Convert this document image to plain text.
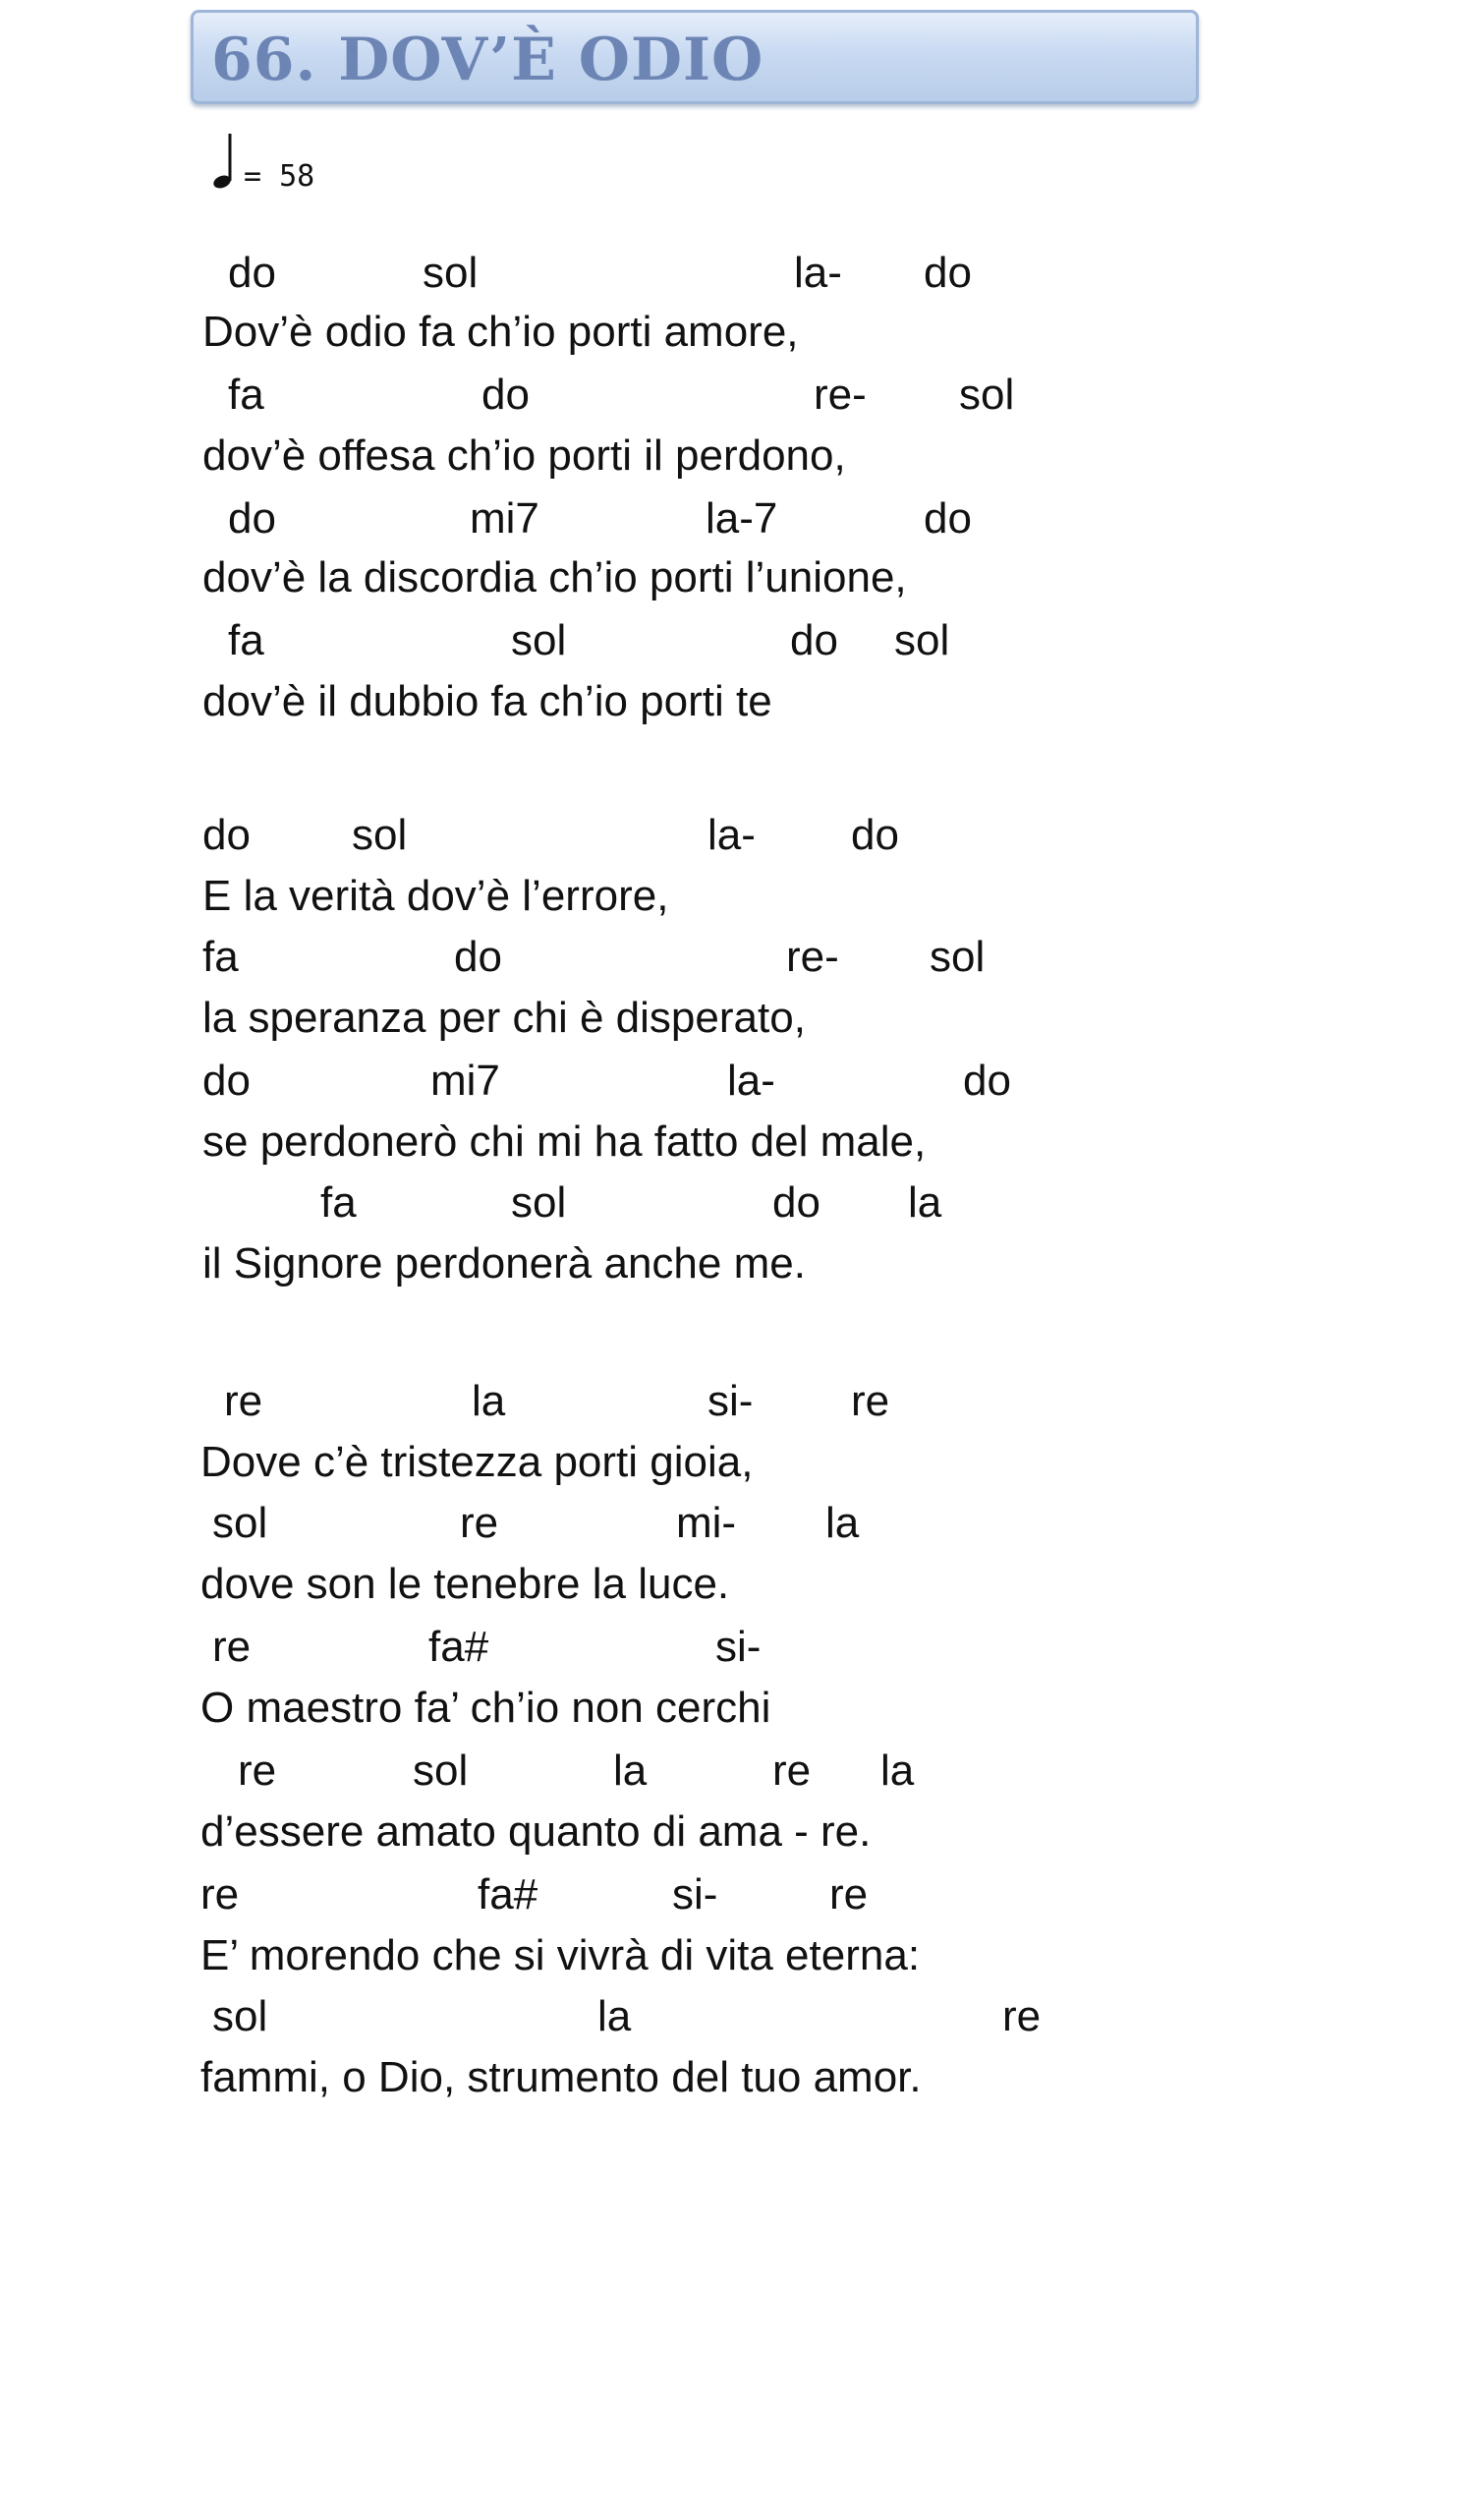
66. DOV’È ODIO
= 58
do	sol	la- do
Dov’è odio fa ch’io porti amore,
fa	do	re- sol
dov’è offesa ch’io porti il perdono,
do	mi7	la-7	do
dov’è la discordia ch’io porti l’unione,
fa	sol	do sol
dov’è il dubbio fa ch’io porti te
do sol	la- do
E la verità dov’è l’errore,
fa	do	re- sol
la speranza per chi è disperato,
do	mi7	la-	do
se perdonerò chi mi ha fatto del male,
fa	sol	do la
il Signore perdonerà anche me.
re	la	si- re
Dove c’è tristezza porti gioia,
sol	re	mi- la
dove son le tenebre la luce.
re	fa#	si-
O maestro fa’ ch’io non cerchi
re	sol	la	re la
d’essere amato quanto di ama - re.
re	fa#	si-	re
E’ morendo che si vivrà di vita eterna:
sol	la	re
fammi, o Dio, strumento del tuo amor.
